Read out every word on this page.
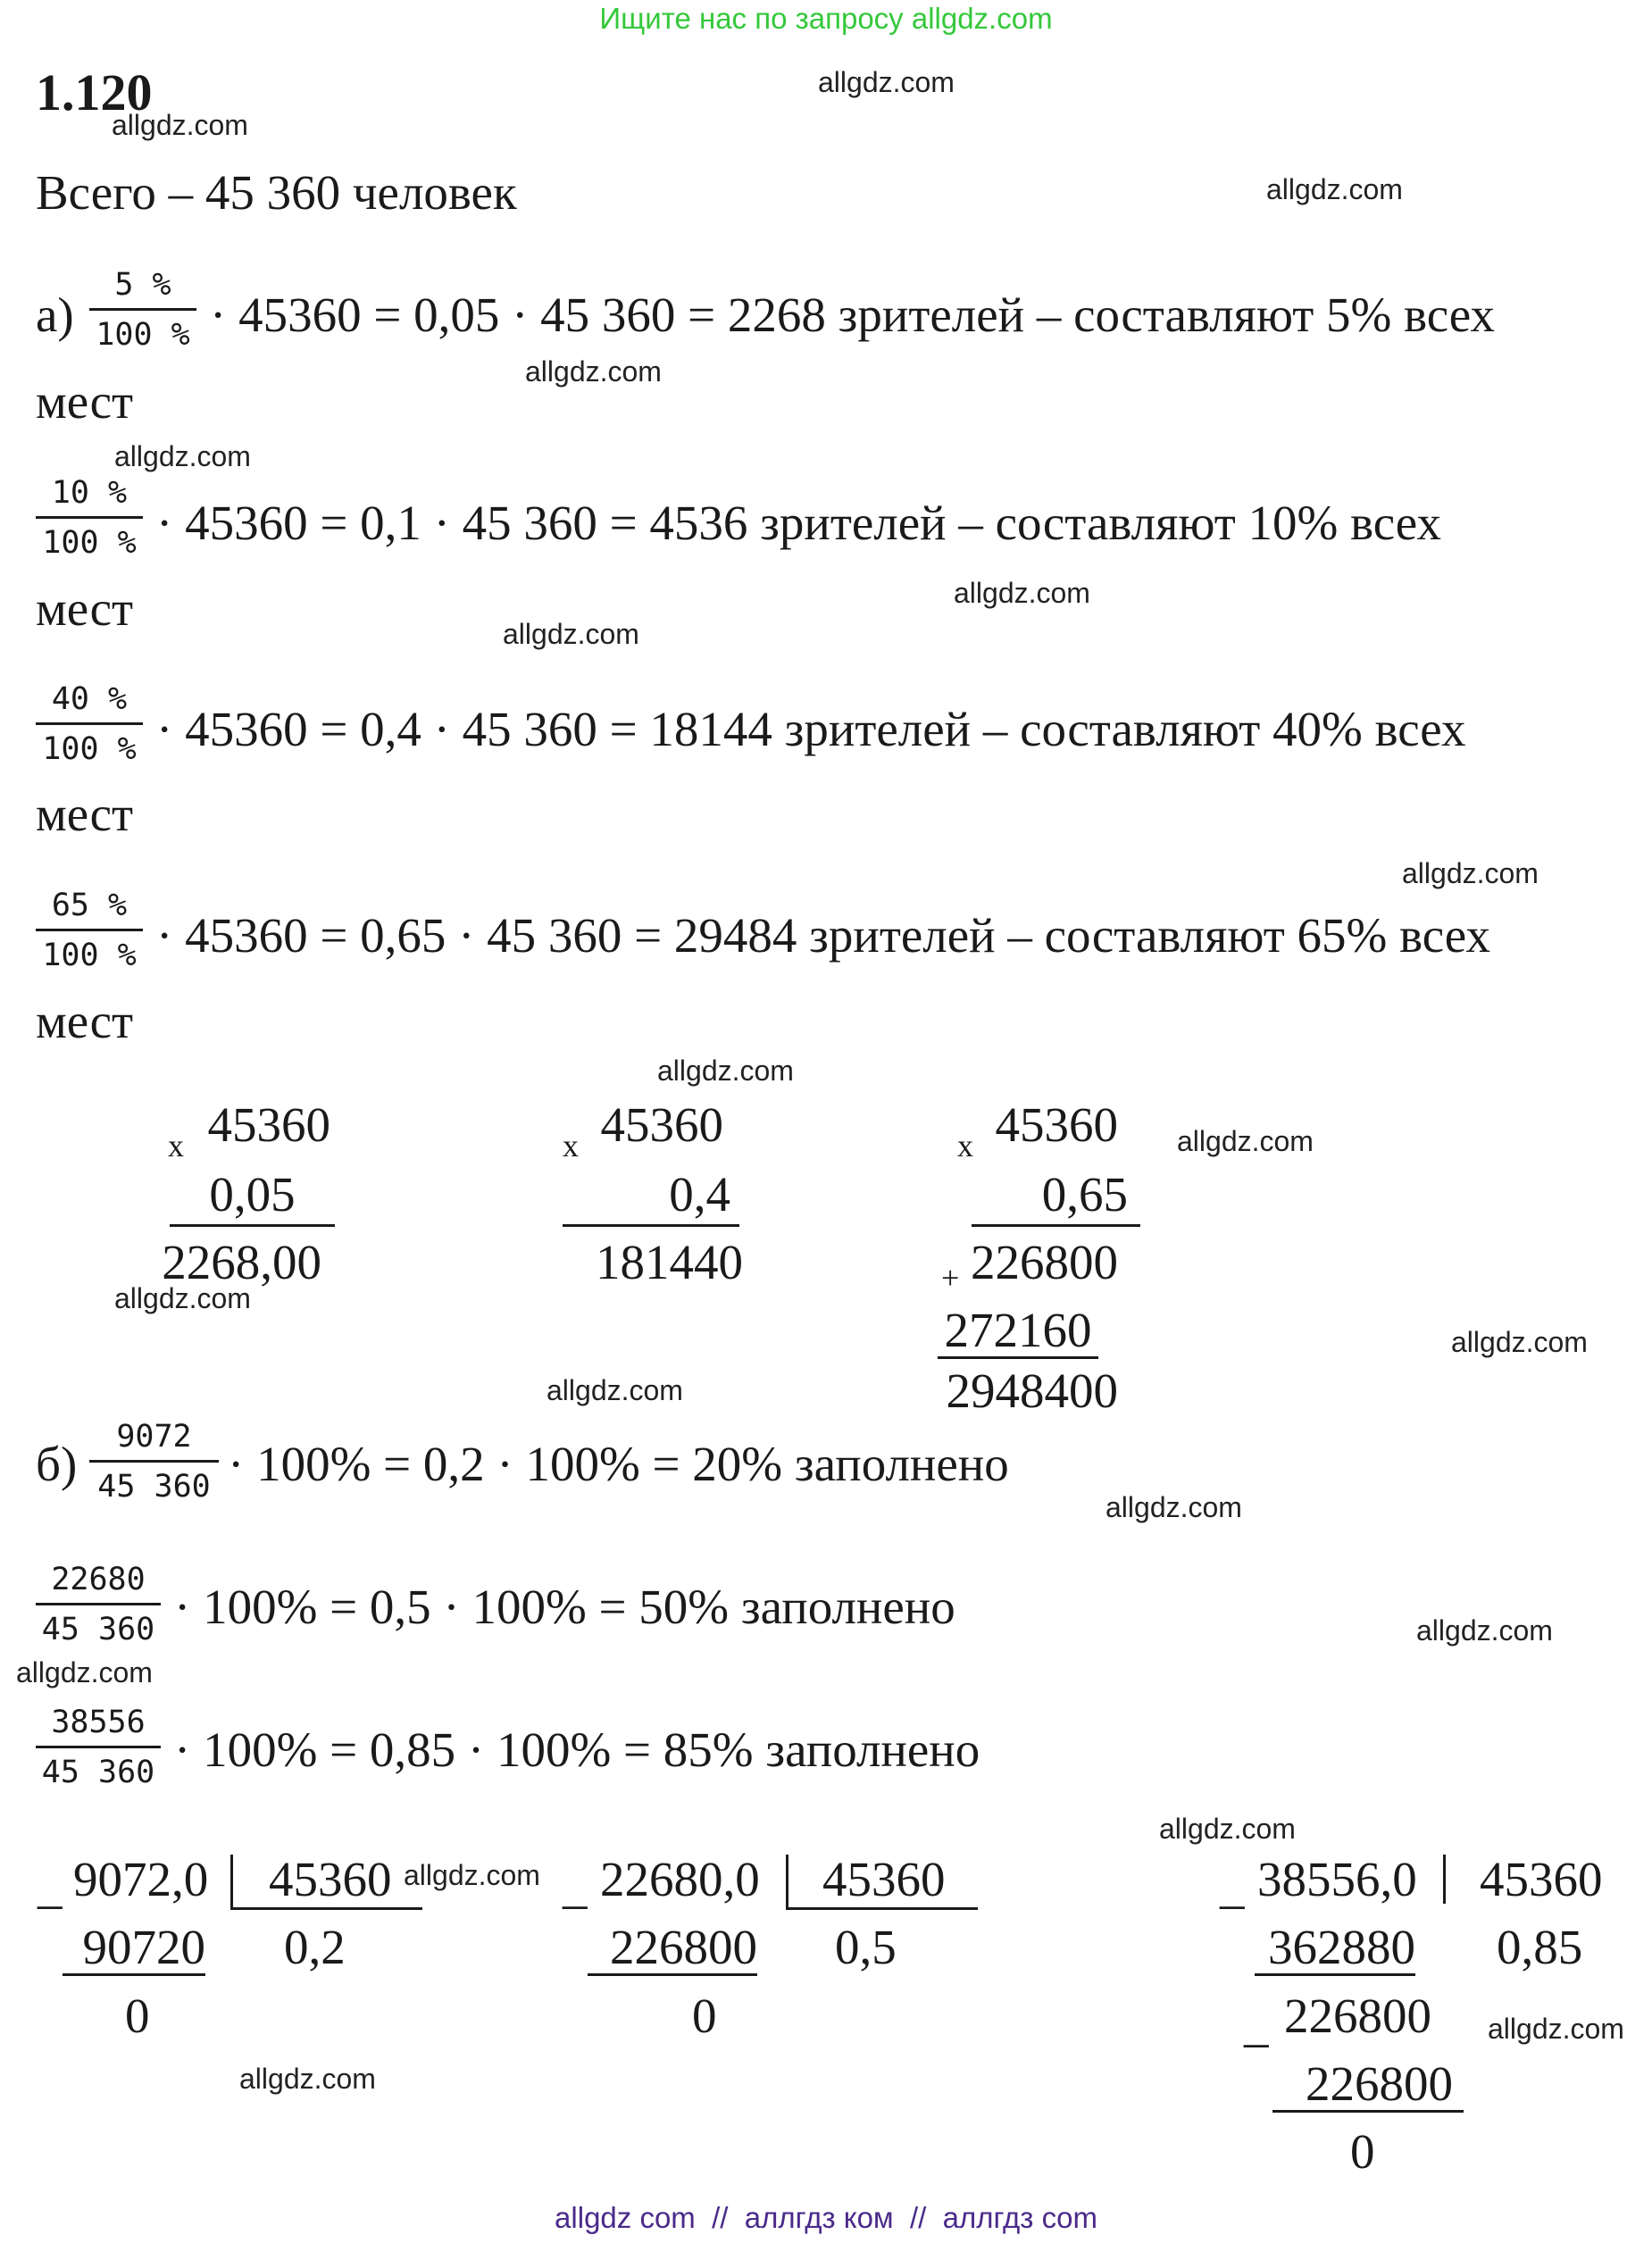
Ищите нас по запросу allgdz.com
1.120
Всего – 45 360 человек
а)
5 %
100 % · 45360 = 0,05 · 45 360 = 2268 зрителей – составляют 5% всех
мест
10 %
100 % · 45360 = 0,1 · 45 360 = 4536 зрителей – составляют 10% всех
мест
40 %
100 % · 45360 = 0,4 · 45 360 = 18144 зрителей – составляют 40% всех
мест
65 %
100 % · 45360 = 0,65 · 45 360 = 29484 зрителей – составляют 65% всех
мест
x 45360
0,05
2268,00
x 45360
0,4
181440
x 45360
0,65
+ 226800
272160
2948400
б) 9072
45 360 · 100% = 0,2 · 100% = 20% заполнено
22680
45 360 · 100% = 0,5 · 100% = 50% заполнено
38556
45 360 · 100% = 0,85 · 100% = 85% заполнено
_ 9072,0	45360
90720 0,2
0
_ 22680,0	45360
226800 0,5
0
_ 38556,0	45360
362880 0,85
_ 226800
226800
0
allgdz.com
allgdz.com
allgdz.com
allgdz.com
allgdz.com
allgdz.com
allgdz.com
allgdz.com
allgdz.com
allgdz.com
allgdz.com
allgdz.com
allgdz.com
allgdz.com
allgdz.com
allgdz.com
allgdz.com
allgdz.com
allgdz.com
allgdz.com
allgdz com  //  аллгдз ком  //  аллгдз com
